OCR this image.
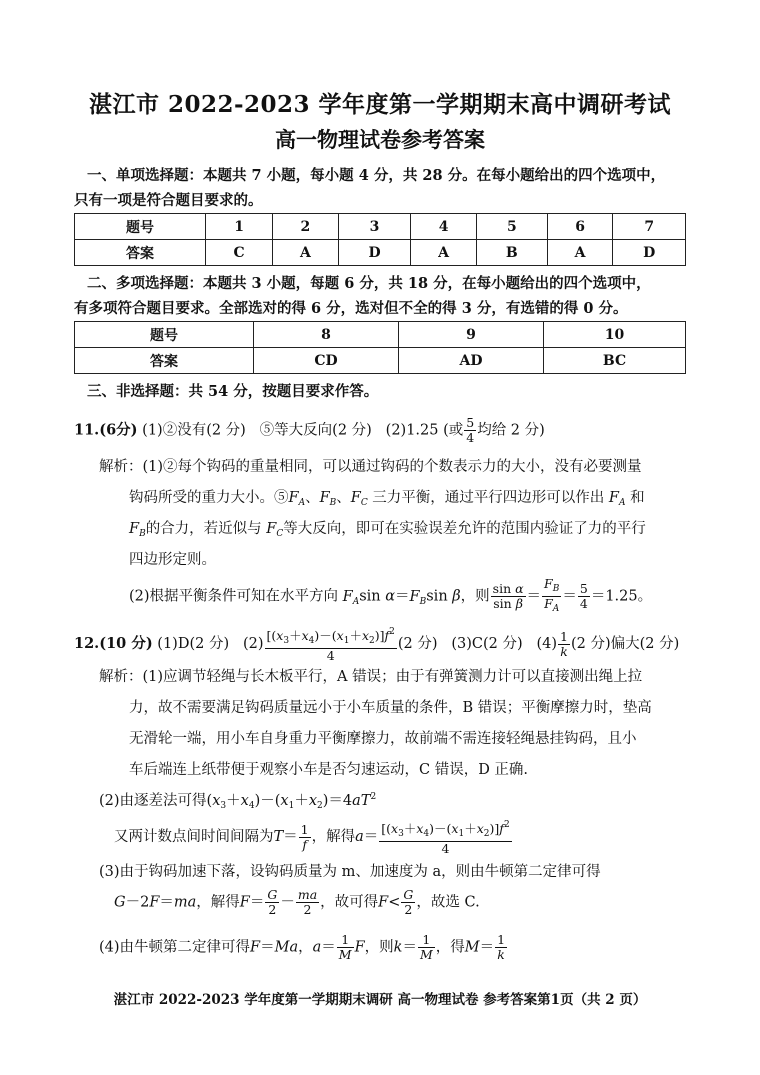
湛江市 2022-2023 学年度第一学期期末高中调研考试
高一物理试卷参考答案
一、单项选择题：本题共 7 小题，每小题 4 分，共 28 分。在每小题给出的四个选项中，
只有一项是符合题目要求的。
题号	1	2	3	4	5	6	7
答案	C	A	D	A	B	A	D
二、多项选择题：本题共 3 小题，每题 6 分，共 18 分，在每小题给出的四个选项中，
有多项符合题目要求。全部选对的得 6 分，选对但不全的得 3 分，有选错的得 0 分。
题号	8	9	10
答案	CD	AD	BC
三、非选择题：共 54 分，按题目要求作答。
11.(6分) (1)②没有(2 分) ⑤等大反向(2 分) (2)1.25 (或 $\frac{5}{4}$ 均给 2 分)
解析：(1)②每个钩码的重量相同，可以通过钩码的个数表示力的大小，没有必要测量
钩码所受的重力大小。$⑤F_A$、$F_B$、$F_C$ 三力平衡，通过平行四边形可以作出 $F_A$ 和
$F_B$的合力，若近似与 $F_C$等大反向，即可在实验误差允许的范围内验证了力的平行
四边形定则。
(2)根据平衡条件可知在水平方向 $F_A\sin$ $\alpha=F_B\sin$ β，则 $\frac{\text{sin α}}{\text{sin β}} = \frac{F_B}{F_A} = \frac{5}{4} =1.25$。
12.(10 分) (1)D(2 分) $(2) \frac{[(x_3+x_4)-(x_1+x_2)]f^2}{4} (2$ 分) (3)C(2 分) $(4) \frac{1}{k} (2$ 分)偏大(2 分)
解析：(1)应调节轻绳与长木板平行，A 错误；由于有弹簧测力计可以直接测出绳上拉
力，故不需要满足钩码质量远小于小车质量的条件，B 错误；平衡摩擦力时，垫高
无滑轮一端，用小车自身重力平衡摩擦力，故前端不需连接轻绳悬挂钩码，且小
车后端连上纸带便于观察小车是否匀速运动，C 错误，D 正确.
(2)由逐差法可得$(x_3+x_4)-(x_1+x_2)=4aT^2$
又两计数点间时间间隔为$T= \frac{1}{f}$ ，解得$a= \frac{[(x_3+x_4)-(x_1+x_2)]f^2}{4}$
(3)由于钩码加速下落，设钩码质量为 m、加速度为 a，则由牛顿第二定律可得
G－2F＝ma，解得$F= \frac{G}{2} - \frac{ma}{2}$ ，故可得$F< \frac{G}{2}$ ，故选 C.
(4)由牛顿第二定律可得F＝Ma，$a= \frac{1}{M}$ F，则$k= \frac{1}{M}$ ，得$M= \frac{1}{k}$
湛江市 2022-2023 学年度第一学期期末调研 高一物理试卷 参考答案第1页（共 2 页）
